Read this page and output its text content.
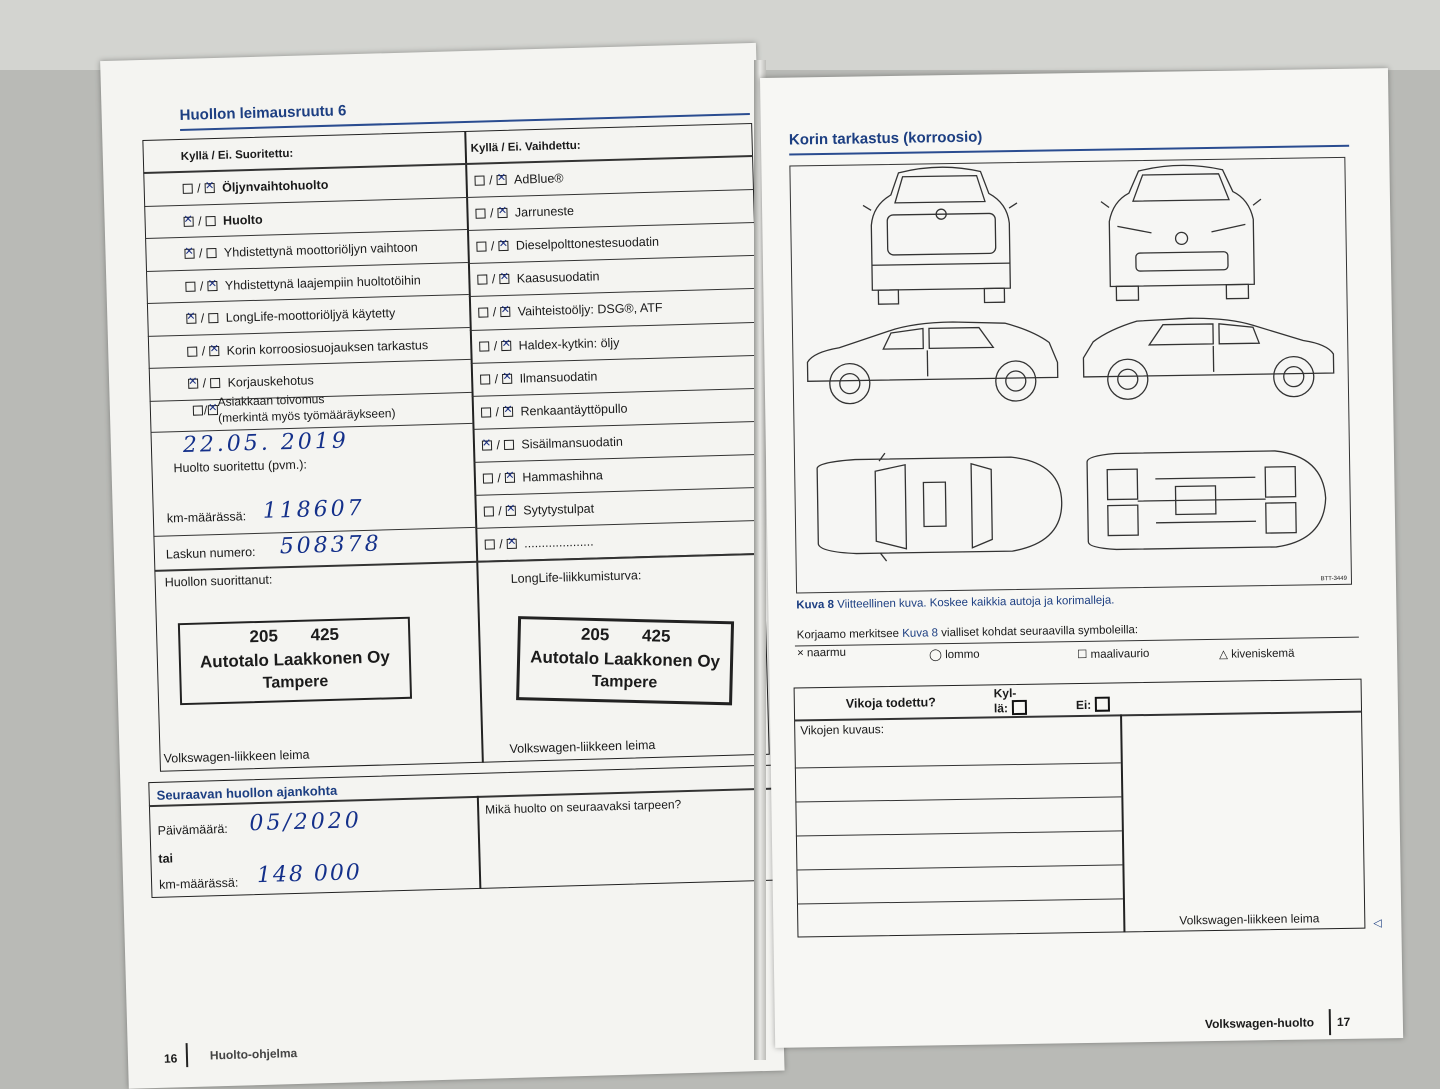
Huollon leimausruutu 6
Kyllä / Ei. Suoritettu:
Kyllä / Ei. Vaihdettu:
/ ✕Öljynvaihtohuolto
✕ / Huolto
✕ / Yhdistettynä moottoriöljyn vaihtoon
/ ✕Yhdistettynä laajempiin huoltotöihin
✕ / LongLife-moottoriöljyä käytetty
/ ✕Korin korroosiosuojauksen tarkastus
✕ / Korjauskehotus
/✕
Asiakkaan toivomus
(merkintä myös työmääräykseen)
22.05. 2019
Huolto suoritettu (pvm.):
km-määrässä: 118607
Laskun numero: 508378
Huollon suorittanut:
/ ✕AdBlue®
/ ✕Jarruneste
/ ✕Dieselpolttonestesuodatin
/ ✕Kaasusuodatin
/ ✕Vaihteistoöljy: DSG®, ATF
/ ✕Haldex-kytkin: öljy
/ ✕Ilmansuodatin
/ ✕Renkaantäyttöpullo
✕ / Sisäilmansuodatin
/ ✕Hammashihna
/ ✕Sytytystulpat
/ ✕....................
LongLife-liikkumisturva:
205 425
Autotalo Laakkonen Oy
Tampere
205 425
Autotalo Laakkonen Oy
Tampere
Volkswagen-liikkeen leima
Volkswagen-liikkeen leima
Seuraavan huollon ajankohta
Päivämäärä: 05/2020
tai
km-määrässä: 148 000
Mikä huolto on seuraavaksi tarpeen?
16	Huolto-ohjelma
Korin tarkastus (korroosio)
BTT-3449
Kuva 8 Viitteellinen kuva. Koskee kaikkia autoja ja korimalleja.
Korjaamo merkitsee Kuva 8 vialliset kohdat seuraavilla symboleilla:
× naarmu	◯ lommo	☐ maalivaurio	△ kiveniskemä
Vikoja todettu?
Kyl-
lä:	Ei:
Vikojen kuvaus:
Volkswagen-liikkeen leima	◁
Volkswagen-huolto 17
